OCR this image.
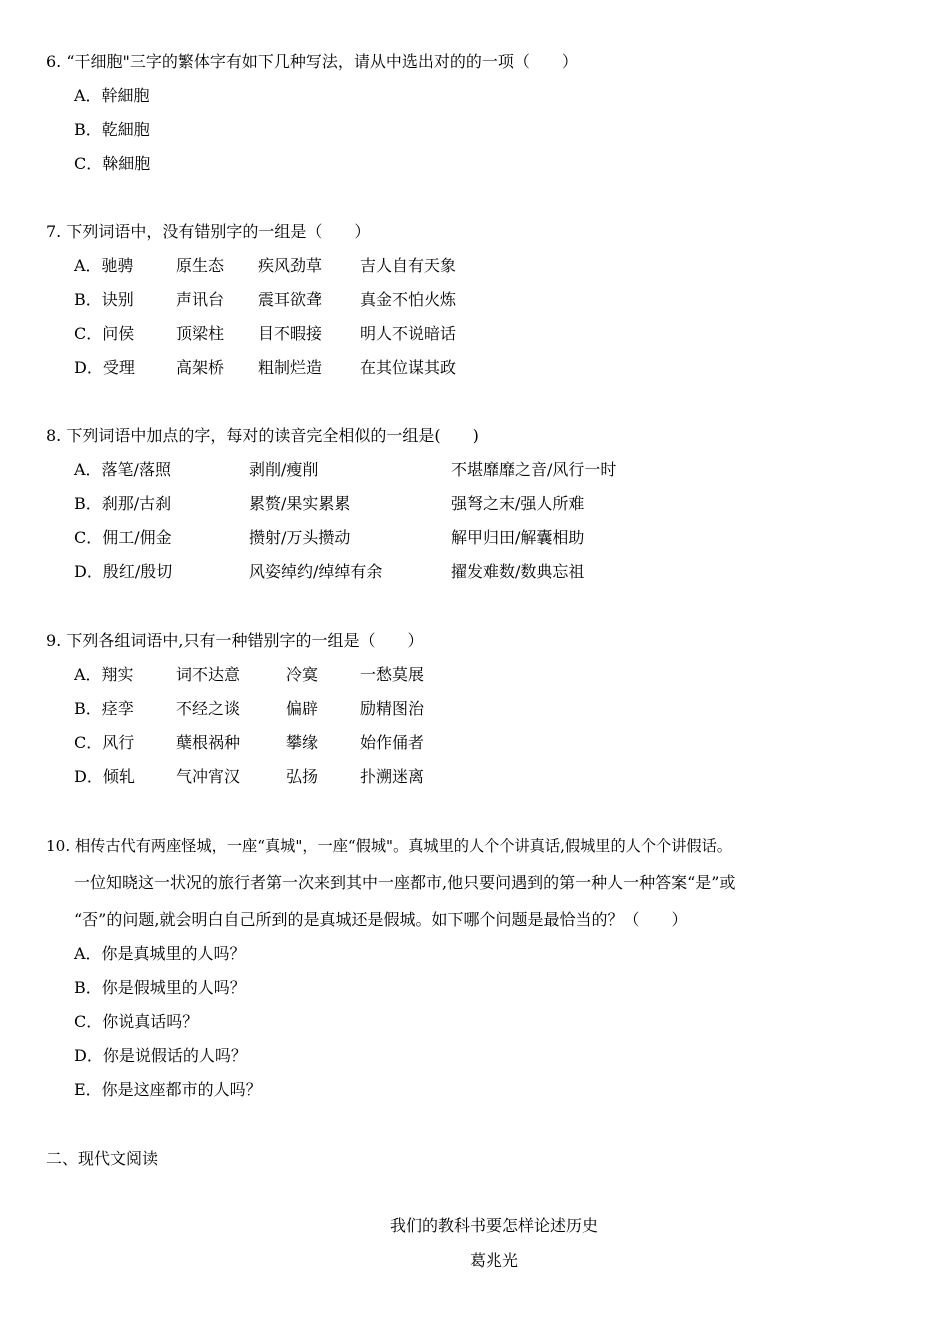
6. “干细胞"三字的繁体字有如下几种写法，请从中选出对的的一项（　　）
A．幹細胞
B．乾細胞
C．榦細胞
7. 下列词语中，没有错别字的一组是（　　）
A．驰骋	原生态 疾风劲草 吉人自有天象
B．诀别	声讯台 震耳欲聋 真金不怕火炼
C．问侯	顶梁柱 目不暇接 明人不说暗话
D．受理	高架桥 粗制烂造 在其位谋其政
8. 下列词语中加点的字，每对的读音完全相似的一组是(　　)
A．落笔/落照	剥削/瘦削	不堪靡靡之音/风行一时
B．刹那/古刹	累赘/果实累累	强弩之末/强人所难
C．佣工/佣金	攒射/万头攒动	解甲归田/解囊相助
D．殷红/殷切	风姿绰约/绰绰有余	擢发难数/数典忘祖
9. 下列各组词语中,只有一种错别字的一组是（　　）
A．翔实	词不达意	冷寞	一愁莫展
B．痉孪	不经之谈	偏辟	励精图治
C．风行	蘖根祸种	攀缘	始作俑者
D．倾轧	气冲宵汉	弘扬	扑溯迷离
10. 相传古代有两座怪城，一座“真城"，一座“假城"。真城里的人个个讲真话,假城里的人个个讲假话。
一位知晓这一状况的旅行者第一次来到其中一座都市,他只要问遇到的第一种人一种答案“是”或
“否”的问题,就会明白自己所到的是真城还是假城。如下哪个问题是最恰当的？（　　）
A．你是真城里的人吗？
B．你是假城里的人吗？
C．你说真话吗？
D．你是说假话的人吗？
E．你是这座都市的人吗？
二、现代文阅读
我们的教科书要怎样论述历史
葛兆光
